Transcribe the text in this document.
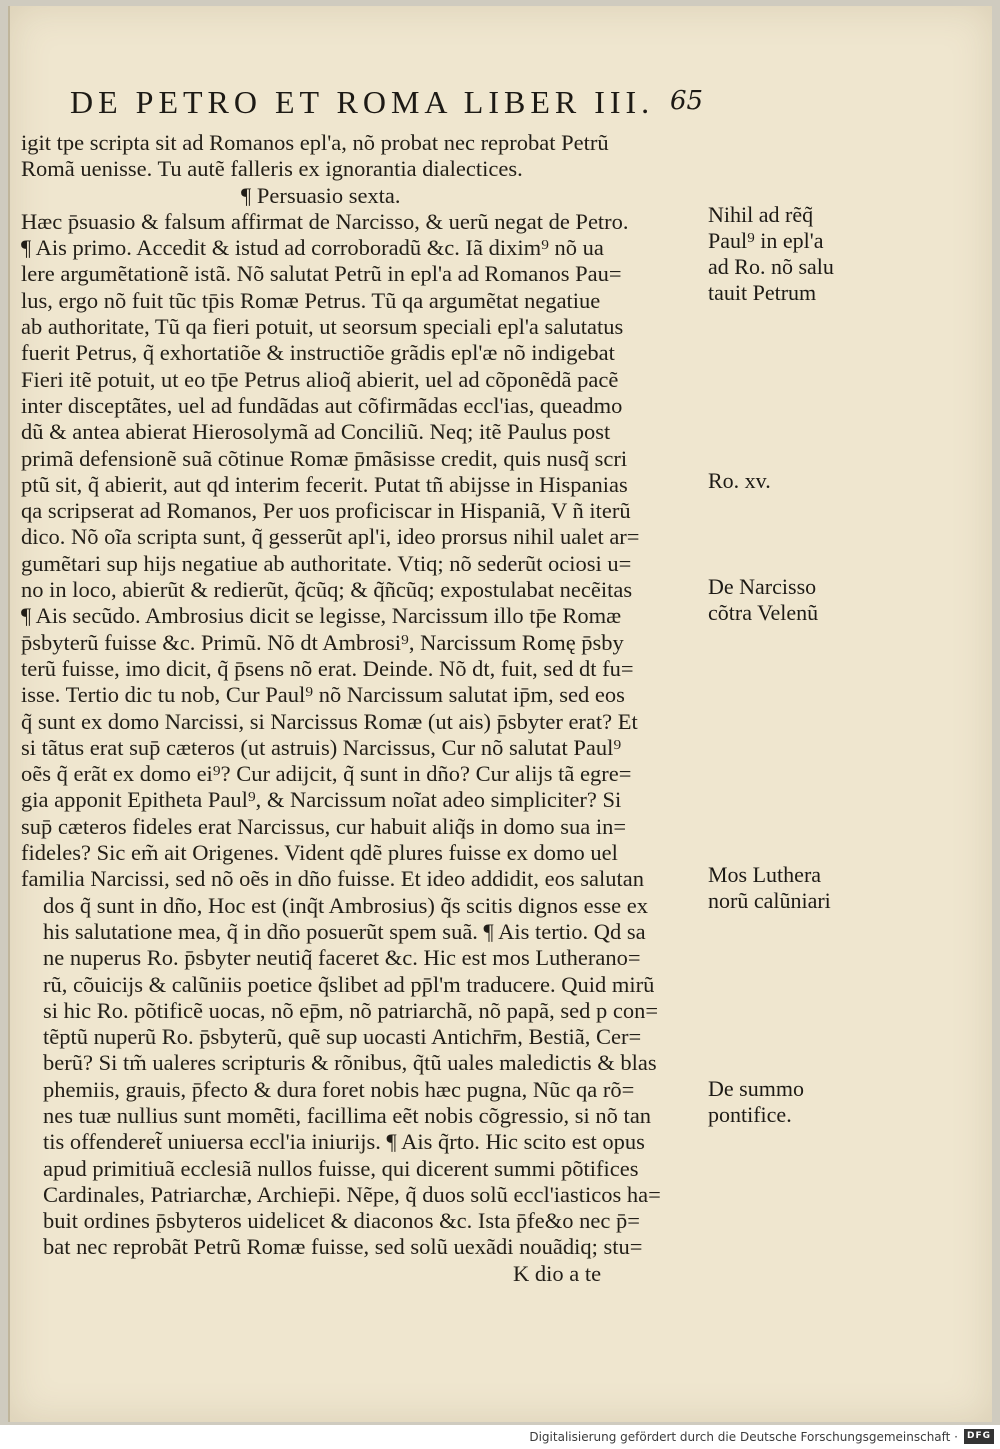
DE PETRO ET ROMA LIBER III. 65
igit tpe scripta sit ad Romanos epl'a, nõ probat nec reprobat Petrũ
Romã uenisse. Tu autẽ falleris ex ignorantia dialectices.
¶ Persuasio sexta.
Hæc p̄suasio & falsum affirmat de Narcisso, & uerũ negat de Petro.
¶ Ais primo. Accedit & istud ad corroboradũ &c. Iã dixim⁹ nõ ua
lere argumẽtationẽ istã. Nõ salutat Petrũ in epl'a ad Romanos Pau=
lus, ergo nõ fuit tũc tp̄is Romæ Petrus. Tũ qa argumẽtat negatiue
ab authoritate, Tũ qa fieri potuit, ut seorsum speciali epl'a salutatus
fuerit Petrus, q̃ exhortatiõe & instructiõe grãdis epl'æ nõ indigebat
Fieri itẽ potuit, ut eo tp̄e Petrus alioq̃ abierit, uel ad cõponẽdã pacẽ
inter disceptãtes, uel ad fundãdas aut cõfirmãdas eccl'ias, queadmo
dũ & antea abierat Hierosolymã ad Conciliũ. Neq; itẽ Paulus post
primã defensionẽ suã cõtinue Romæ p̄mãsisse credit, quis nusq̃ scri
ptũ sit, q̃ abierit, aut qd interim fecerit. Putat tñ abijsse in Hispanias
qa scripserat ad Romanos, Per uos proficiscar in Hispaniã, V ñ iterũ
dico. Nõ oĩa scripta sunt, q̃ gesserũt apl'i, ideo prorsus nihil ualet ar=
gumẽtari sup hijs negatiue ab authoritate. Vtiq; nõ sederũt ociosi u=
no in loco, abierũt & redierũt, q̃cũq; & q̃ñcũq; expostulabat necẽitas
¶ Ais secũdo. Ambrosius dicit se legisse, Narcissum illo tp̄e Romæ
p̄sbyterũ fuisse &c. Primũ. Nõ dt Ambrosi⁹, Narcissum Romę p̄sby
terũ fuisse, imo dicit, q̃ p̄sens nõ erat. Deinde. Nõ dt, fuit, sed dt fu=
isse. Tertio dic tu nob, Cur Paul⁹ nõ Narcissum salutat ip̄m, sed eos
q̃ sunt ex domo Narcissi, si Narcissus Romæ (ut ais) p̄sbyter erat? Et
si tãtus erat sup̄ cæteros (ut astruis) Narcissus, Cur nõ salutat Paul⁹
oẽs q̃ erãt ex domo ei⁹? Cur adijcit, q̃ sunt in dño? Cur alijs tã egre=
gia apponit Epitheta Paul⁹, & Narcissum noĩat adeo simpliciter? Si
sup̄ cæteros fideles erat Narcissus, cur habuit aliq̃s in domo sua in=
fideles? Sic em̃ ait Origenes. Vident qdẽ plures fuisse ex domo uel
familia Narcissi, sed nõ oẽs in dño fuisse. Et ideo addidit, eos salutan
dos q̃ sunt in dño, Hoc est (inq̃t Ambrosius) q̃s scitis dignos esse ex
his salutatione mea, q̃ in dño posuerũt spem suã. ¶ Ais tertio. Qd sa
ne nuperus Ro. p̄sbyter neutiq̃ faceret &c. Hic est mos Lutherano=
rũ, cõuicijs & calũniis poetice q̃slibet ad pp̄l'm traducere. Quid mirũ
si hic Ro. põtificẽ uocas, nõ ep̄m, nõ patriarchã, nõ papã, sed p con=
tẽptũ nuperũ Ro. p̄sbyterũ, quẽ sup uocasti Antichr̄m, Bestiã, Cer=
berũ? Si tm̃ ualeres scripturis & rõnibus, q̃tũ uales maledictis & blas
phemiis, grauis, p̄fecto & dura foret nobis hæc pugna, Nũc qa rõ=
nes tuæ nullius sunt momẽti, facillima eẽt nobis cõgressio, si nõ tan
tis offenderet̃ uniuersa eccl'ia iniurijs. ¶ Ais q̃rto. Hic scito est opus
apud primitiuã ecclesiã nullos fuisse, qui dicerent summi põtifices
Cardinales, Patriarchæ, Archiep̄i. Nẽpe, q̃ duos solũ eccl'iasticos ha=
buit ordines p̄sbyteros uidelicet & diaconos &c. Ista p̄fe&o nec p̄=
bat nec reprobãt Petrũ Romæ fuisse, sed solũ uexãdi nouãdiq; stu=
K dio a te
Nihil ad rẽq̃
Paul⁹ in epl'a
ad Ro. nõ salu
tauit Petrum
Ro. xv.
De Narcisso
cõtra Velenũ
Mos Luthera
norũ calũniari
De summo
pontifice.
Digitalisierung gefördert durch die Deutsche Forschungsgemeinschaft · DFG
